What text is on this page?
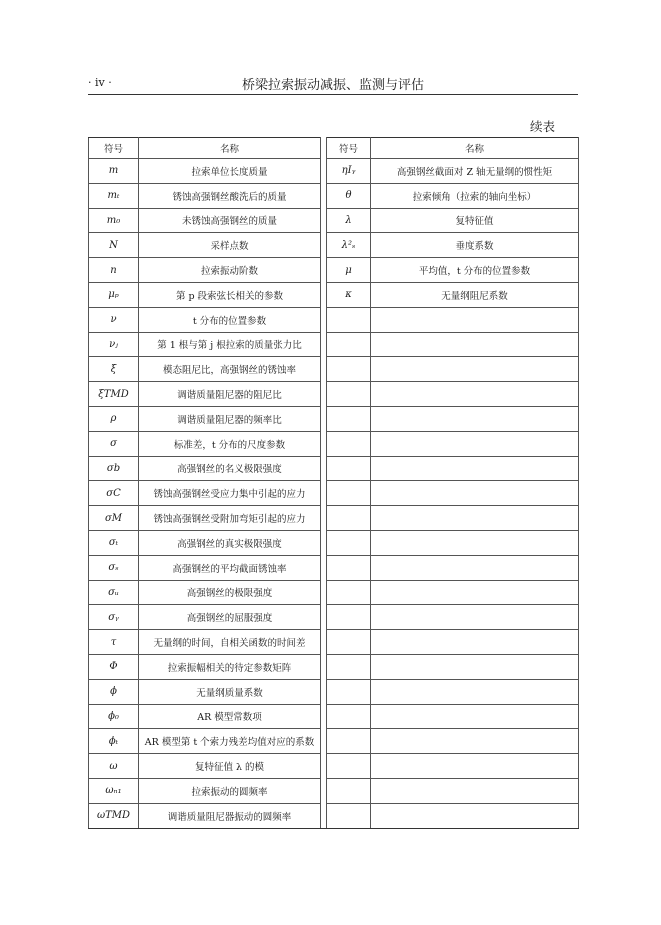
· iv ·	桥梁拉索振动减振、监测与评估
续表
符号	名称		符号	名称
m	拉索单位长度质量		ηIᵧ	高强钢丝截面对 Z 轴无量纲的惯性矩
mₜ	锈蚀高强钢丝酸洗后的质量		θ	拉索倾角（拉索的轴向坐标）
m₀	未锈蚀高强钢丝的质量		λ	复特征值
N	采样点数		λ²ₛ	垂度系数
n	拉索振动阶数		μ	平均值，t 分布的位置参数
μₚ	第 p 段索弦长相关的参数		κ	无量纲阻尼系数
ν	t 分布的位置参数			
νⱼ	第 1 根与第 j 根拉索的质量张力比			
ξ	模态阻尼比，高强钢丝的锈蚀率			
ξTMD	调谐质量阻尼器的阻尼比			
ρ	调谐质量阻尼器的频率比			
σ	标准差，t 分布的尺度参数			
σb	高强钢丝的名义极限强度			
σC	锈蚀高强钢丝受应力集中引起的应力			
σM	锈蚀高强钢丝受附加弯矩引起的应力			
σₜ	高强钢丝的真实极限强度			
σₛ	高强钢丝的平均截面锈蚀率			
σᵤ	高强钢丝的极限强度			
σᵧ	高强钢丝的屈服强度			
τ	无量纲的时间，自相关函数的时间差			
Φ	拉索振幅相关的待定参数矩阵			
ϕ	无量纲质量系数			
ϕ₀	AR 模型常数项			
ϕₜ	AR 模型第 t 个索力残差均值对应的系数			
ω	复特征值 λ 的模			
ωₙ₁	拉索振动的圆频率			
ωTMD	调谐质量阻尼器振动的圆频率			
